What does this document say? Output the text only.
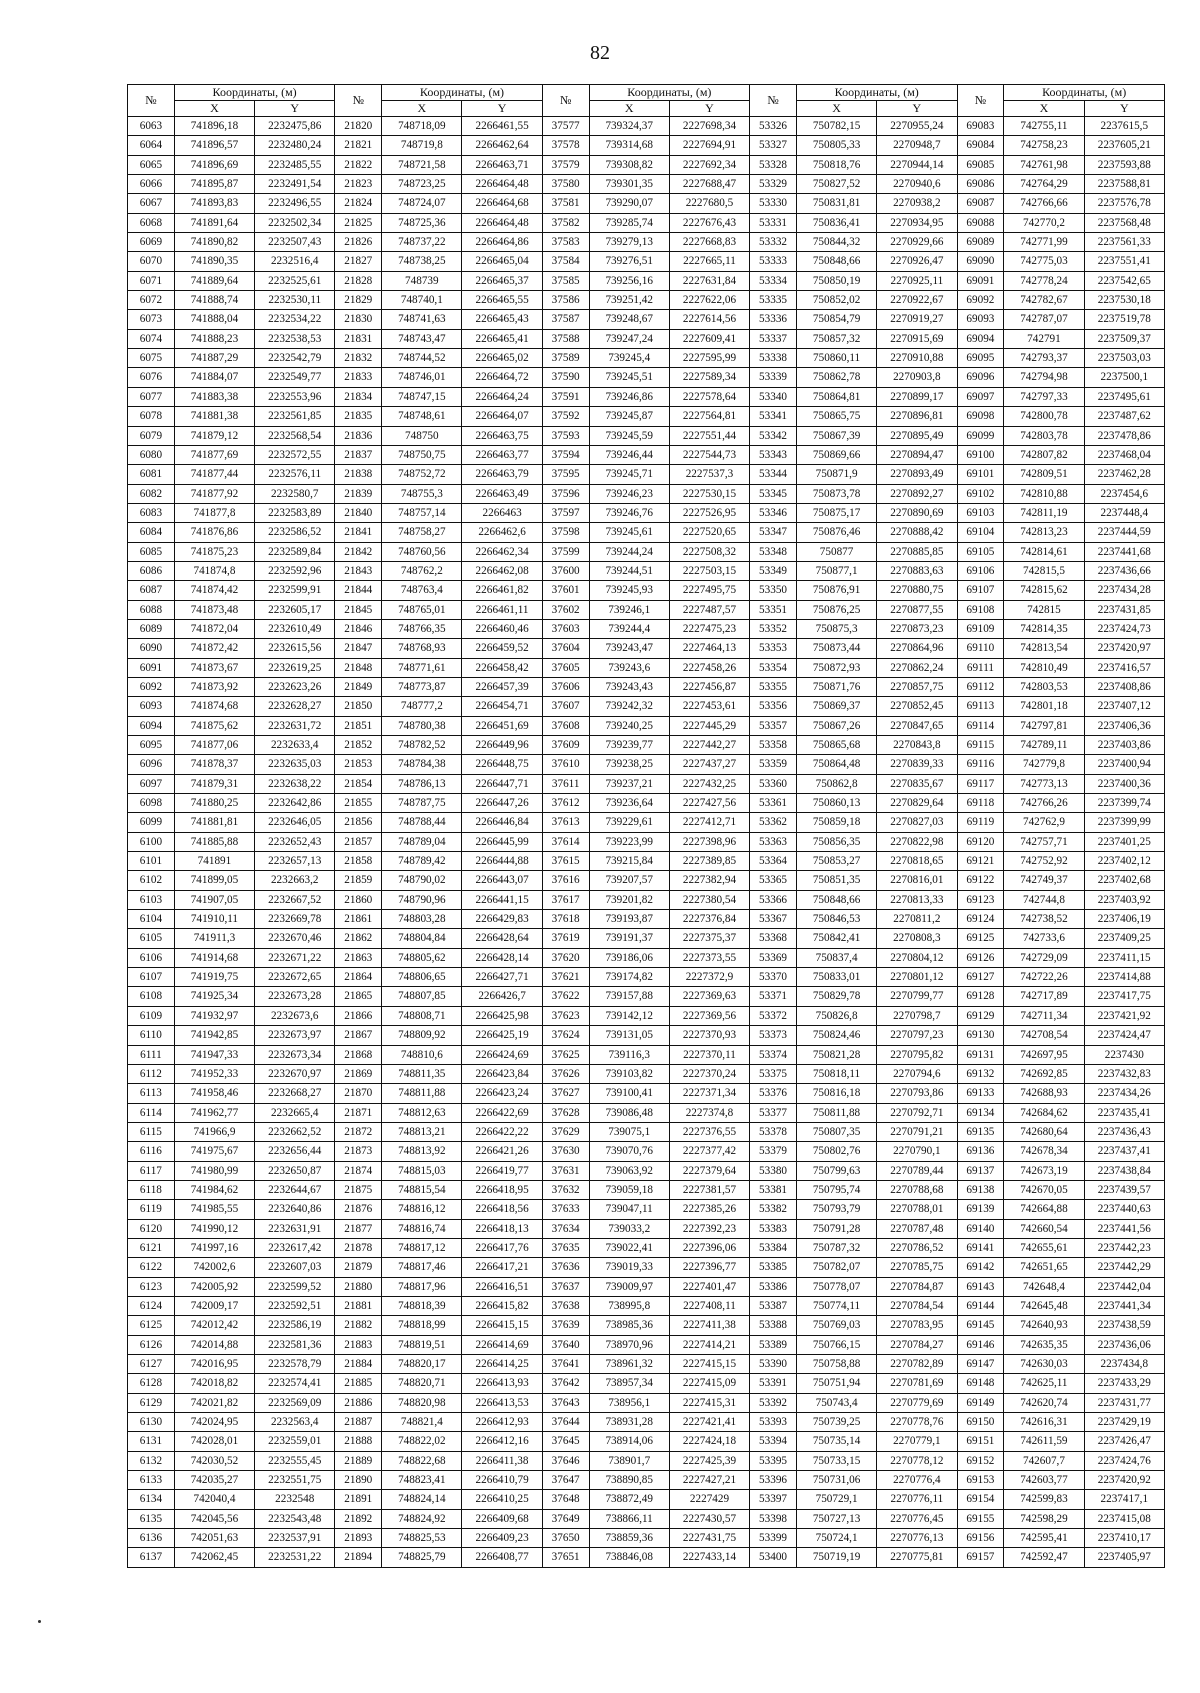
82
№	Координаты, (м)		№	Координаты, (м)		№	Координаты, (м)		№	Координаты, (м)		№	Координаты, (м)	
	X	Y		X	Y		X	Y		X	Y		X	Y
6063	741896,18	2232475,86	21820	748718,09	2266461,55	37577	739324,37	2227698,34	53326	750782,15	2270955,24	69083	742755,11	2237615,5
6064	741896,57	2232480,24	21821	748719,8	2266462,64	37578	739314,68	2227694,91	53327	750805,33	2270948,7	69084	742758,23	2237605,21
6065	741896,69	2232485,55	21822	748721,58	2266463,71	37579	739308,82	2227692,34	53328	750818,76	2270944,14	69085	742761,98	2237593,88
6066	741895,87	2232491,54	21823	748723,25	2266464,48	37580	739301,35	2227688,47	53329	750827,52	2270940,6	69086	742764,29	2237588,81
6067	741893,83	2232496,55	21824	748724,07	2266464,68	37581	739290,07	2227680,5	53330	750831,81	2270938,2	69087	742766,66	2237576,78
6068	741891,64	2232502,34	21825	748725,36	2266464,48	37582	739285,74	2227676,43	53331	750836,41	2270934,95	69088	742770,2	2237568,48
6069	741890,82	2232507,43	21826	748737,22	2266464,86	37583	739279,13	2227668,83	53332	750844,32	2270929,66	69089	742771,99	2237561,33
6070	741890,35	2232516,4	21827	748738,25	2266465,04	37584	739276,51	2227665,11	53333	750848,66	2270926,47	69090	742775,03	2237551,41
6071	741889,64	2232525,61	21828	748739	2266465,37	37585	739256,16	2227631,84	53334	750850,19	2270925,11	69091	742778,24	2237542,65
6072	741888,74	2232530,11	21829	748740,1	2266465,55	37586	739251,42	2227622,06	53335	750852,02	2270922,67	69092	742782,67	2237530,18
6073	741888,04	2232534,22	21830	748741,63	2266465,43	37587	739248,67	2227614,56	53336	750854,79	2270919,27	69093	742787,07	2237519,78
6074	741888,23	2232538,53	21831	748743,47	2266465,41	37588	739247,24	2227609,41	53337	750857,32	2270915,69	69094	742791	2237509,37
6075	741887,29	2232542,79	21832	748744,52	2266465,02	37589	739245,4	2227595,99	53338	750860,11	2270910,88	69095	742793,37	2237503,03
6076	741884,07	2232549,77	21833	748746,01	2266464,72	37590	739245,51	2227589,34	53339	750862,78	2270903,8	69096	742794,98	2237500,1
6077	741883,38	2232553,96	21834	748747,15	2266464,24	37591	739246,86	2227578,64	53340	750864,81	2270899,17	69097	742797,33	2237495,61
6078	741881,38	2232561,85	21835	748748,61	2266464,07	37592	739245,87	2227564,81	53341	750865,75	2270896,81	69098	742800,78	2237487,62
6079	741879,12	2232568,54	21836	748750	2266463,75	37593	739245,59	2227551,44	53342	750867,39	2270895,49	69099	742803,78	2237478,86
6080	741877,69	2232572,55	21837	748750,75	2266463,77	37594	739246,44	2227544,73	53343	750869,66	2270894,47	69100	742807,82	2237468,04
6081	741877,44	2232576,11	21838	748752,72	2266463,79	37595	739245,71	2227537,3	53344	750871,9	2270893,49	69101	742809,51	2237462,28
6082	741877,92	2232580,7	21839	748755,3	2266463,49	37596	739246,23	2227530,15	53345	750873,78	2270892,27	69102	742810,88	2237454,6
6083	741877,8	2232583,89	21840	748757,14	2266463	37597	739246,76	2227526,95	53346	750875,17	2270890,69	69103	742811,19	2237448,4
6084	741876,86	2232586,52	21841	748758,27	2266462,6	37598	739245,61	2227520,65	53347	750876,46	2270888,42	69104	742813,23	2237444,59
6085	741875,23	2232589,84	21842	748760,56	2266462,34	37599	739244,24	2227508,32	53348	750877	2270885,85	69105	742814,61	2237441,68
6086	741874,8	2232592,96	21843	748762,2	2266462,08	37600	739244,51	2227503,15	53349	750877,1	2270883,63	69106	742815,5	2237436,66
6087	741874,42	2232599,91	21844	748763,4	2266461,82	37601	739245,93	2227495,75	53350	750876,91	2270880,75	69107	742815,62	2237434,28
6088	741873,48	2232605,17	21845	748765,01	2266461,11	37602	739246,1	2227487,57	53351	750876,25	2270877,55	69108	742815	2237431,85
6089	741872,04	2232610,49	21846	748766,35	2266460,46	37603	739244,4	2227475,23	53352	750875,3	2270873,23	69109	742814,35	2237424,73
6090	741872,42	2232615,56	21847	748768,93	2266459,52	37604	739243,47	2227464,13	53353	750873,44	2270864,96	69110	742813,54	2237420,97
6091	741873,67	2232619,25	21848	748771,61	2266458,42	37605	739243,6	2227458,26	53354	750872,93	2270862,24	69111	742810,49	2237416,57
6092	741873,92	2232623,26	21849	748773,87	2266457,39	37606	739243,43	2227456,87	53355	750871,76	2270857,75	69112	742803,53	2237408,86
6093	741874,68	2232628,27	21850	748777,2	2266454,71	37607	739242,32	2227453,61	53356	750869,37	2270852,45	69113	742801,18	2237407,12
6094	741875,62	2232631,72	21851	748780,38	2266451,69	37608	739240,25	2227445,29	53357	750867,26	2270847,65	69114	742797,81	2237406,36
6095	741877,06	2232633,4	21852	748782,52	2266449,96	37609	739239,77	2227442,27	53358	750865,68	2270843,8	69115	742789,11	2237403,86
6096	741878,37	2232635,03	21853	748784,38	2266448,75	37610	739238,25	2227437,27	53359	750864,48	2270839,33	69116	742779,8	2237400,94
6097	741879,31	2232638,22	21854	748786,13	2266447,71	37611	739237,21	2227432,25	53360	750862,8	2270835,67	69117	742773,13	2237400,36
6098	741880,25	2232642,86	21855	748787,75	2266447,26	37612	739236,64	2227427,56	53361	750860,13	2270829,64	69118	742766,26	2237399,74
6099	741881,81	2232646,05	21856	748788,44	2266446,84	37613	739229,61	2227412,71	53362	750859,18	2270827,03	69119	742762,9	2237399,99
6100	741885,88	2232652,43	21857	748789,04	2266445,99	37614	739223,99	2227398,96	53363	750856,35	2270822,98	69120	742757,71	2237401,25
6101	741891	2232657,13	21858	748789,42	2266444,88	37615	739215,84	2227389,85	53364	750853,27	2270818,65	69121	742752,92	2237402,12
6102	741899,05	2232663,2	21859	748790,02	2266443,07	37616	739207,57	2227382,94	53365	750851,35	2270816,01	69122	742749,37	2237402,68
6103	741907,05	2232667,52	21860	748790,96	2266441,15	37617	739201,82	2227380,54	53366	750848,66	2270813,33	69123	742744,8	2237403,92
6104	741910,11	2232669,78	21861	748803,28	2266429,83	37618	739193,87	2227376,84	53367	750846,53	2270811,2	69124	742738,52	2237406,19
6105	741911,3	2232670,46	21862	748804,84	2266428,64	37619	739191,37	2227375,37	53368	750842,41	2270808,3	69125	742733,6	2237409,25
6106	741914,68	2232671,22	21863	748805,62	2266428,14	37620	739186,06	2227373,55	53369	750837,4	2270804,12	69126	742729,09	2237411,15
6107	741919,75	2232672,65	21864	748806,65	2266427,71	37621	739174,82	2227372,9	53370	750833,01	2270801,12	69127	742722,26	2237414,88
6108	741925,34	2232673,28	21865	748807,85	2266426,7	37622	739157,88	2227369,63	53371	750829,78	2270799,77	69128	742717,89	2237417,75
6109	741932,97	2232673,6	21866	748808,71	2266425,98	37623	739142,12	2227369,56	53372	750826,8	2270798,7	69129	742711,34	2237421,92
6110	741942,85	2232673,97	21867	748809,92	2266425,19	37624	739131,05	2227370,93	53373	750824,46	2270797,23	69130	742708,54	2237424,47
6111	741947,33	2232673,34	21868	748810,6	2266424,69	37625	739116,3	2227370,11	53374	750821,28	2270795,82	69131	742697,95	2237430
6112	741952,33	2232670,97	21869	748811,35	2266423,84	37626	739103,82	2227370,24	53375	750818,11	2270794,6	69132	742692,85	2237432,83
6113	741958,46	2232668,27	21870	748811,88	2266423,24	37627	739100,41	2227371,34	53376	750816,18	2270793,86	69133	742688,93	2237434,26
6114	741962,77	2232665,4	21871	748812,63	2266422,69	37628	739086,48	2227374,8	53377	750811,88	2270792,71	69134	742684,62	2237435,41
6115	741966,9	2232662,52	21872	748813,21	2266422,22	37629	739075,1	2227376,55	53378	750807,35	2270791,21	69135	742680,64	2237436,43
6116	741975,67	2232656,44	21873	748813,92	2266421,26	37630	739070,76	2227377,42	53379	750802,76	2270790,1	69136	742678,34	2237437,41
6117	741980,99	2232650,87	21874	748815,03	2266419,77	37631	739063,92	2227379,64	53380	750799,63	2270789,44	69137	742673,19	2237438,84
6118	741984,62	2232644,67	21875	748815,54	2266418,95	37632	739059,18	2227381,57	53381	750795,74	2270788,68	69138	742670,05	2237439,57
6119	741985,55	2232640,86	21876	748816,12	2266418,56	37633	739047,11	2227385,26	53382	750793,79	2270788,01	69139	742664,88	2237440,63
6120	741990,12	2232631,91	21877	748816,74	2266418,13	37634	739033,2	2227392,23	53383	750791,28	2270787,48	69140	742660,54	2237441,56
6121	741997,16	2232617,42	21878	748817,12	2266417,76	37635	739022,41	2227396,06	53384	750787,32	2270786,52	69141	742655,61	2237442,23
6122	742002,6	2232607,03	21879	748817,46	2266417,21	37636	739019,33	2227396,77	53385	750782,07	2270785,75	69142	742651,65	2237442,29
6123	742005,92	2232599,52	21880	748817,96	2266416,51	37637	739009,97	2227401,47	53386	750778,07	2270784,87	69143	742648,4	2237442,04
6124	742009,17	2232592,51	21881	748818,39	2266415,82	37638	738995,8	2227408,11	53387	750774,11	2270784,54	69144	742645,48	2237441,34
6125	742012,42	2232586,19	21882	748818,99	2266415,15	37639	738985,36	2227411,38	53388	750769,03	2270783,95	69145	742640,93	2237438,59
6126	742014,88	2232581,36	21883	748819,51	2266414,69	37640	738970,96	2227414,21	53389	750766,15	2270784,27	69146	742635,35	2237436,06
6127	742016,95	2232578,79	21884	748820,17	2266414,25	37641	738961,32	2227415,15	53390	750758,88	2270782,89	69147	742630,03	2237434,8
6128	742018,82	2232574,41	21885	748820,71	2266413,93	37642	738957,34	2227415,09	53391	750751,94	2270781,69	69148	742625,11	2237433,29
6129	742021,82	2232569,09	21886	748820,98	2266413,53	37643	738956,1	2227415,31	53392	750743,4	2270779,69	69149	742620,74	2237431,77
6130	742024,95	2232563,4	21887	748821,4	2266412,93	37644	738931,28	2227421,41	53393	750739,25	2270778,76	69150	742616,31	2237429,19
6131	742028,01	2232559,01	21888	748822,02	2266412,16	37645	738914,06	2227424,18	53394	750735,14	2270779,1	69151	742611,59	2237426,47
6132	742030,52	2232555,45	21889	748822,68	2266411,38	37646	738901,7	2227425,39	53395	750733,15	2270778,12	69152	742607,7	2237424,76
6133	742035,27	2232551,75	21890	748823,41	2266410,79	37647	738890,85	2227427,21	53396	750731,06	2270776,4	69153	742603,77	2237420,92
6134	742040,4	2232548	21891	748824,14	2266410,25	37648	738872,49	2227429	53397	750729,1	2270776,11	69154	742599,83	2237417,1
6135	742045,56	2232543,48	21892	748824,92	2266409,68	37649	738866,11	2227430,57	53398	750727,13	2270776,45	69155	742598,29	2237415,08
6136	742051,63	2232537,91	21893	748825,53	2266409,23	37650	738859,36	2227431,75	53399	750724,1	2270776,13	69156	742595,41	2237410,17
6137	742062,45	2232531,22	21894	748825,79	2266408,77	37651	738846,08	2227433,14	53400	750719,19	2270775,81	69157	742592,47	2237405,97
